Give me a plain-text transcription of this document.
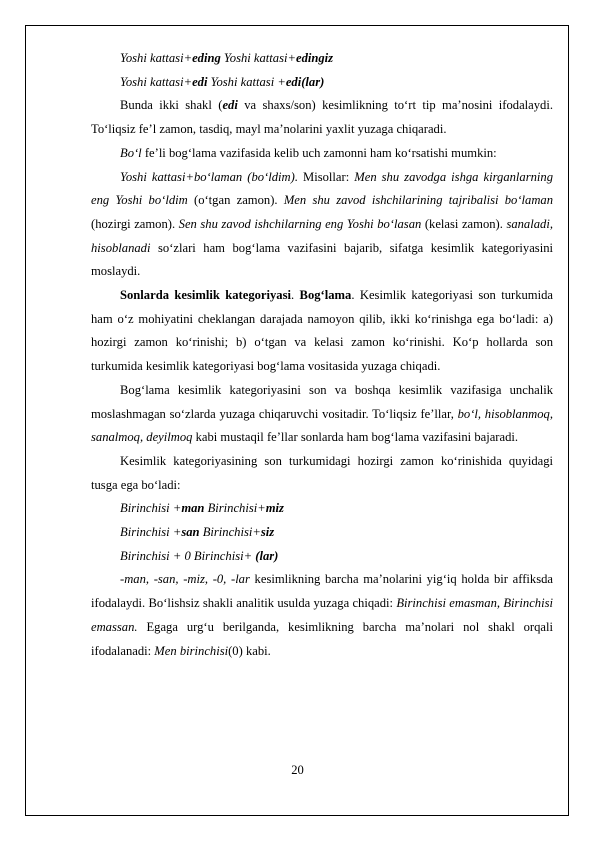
Yoshi kattasi+eding Yoshi kattasi+edingiz

Yoshi kattasi+edi Yoshi kattasi +edi(lar)

Bunda ikki shakl (edi va shaxs/son) kesimlikning to‘rt tip ma’nosini ifodalaydi. To‘liqsiz fe’l zamon, tasdiq, mayl ma’nolarini yaxlit yuzaga chiqaradi.

Bo‘l fe’li bog‘lama vazifasida kelib uch zamonni ham ko‘rsatishi mumkin:

Yoshi kattasi+bo‘laman (bo‘ldim). Misollar: Men shu zavodga ishga kirganlarning eng Yoshi bo‘ldim (o‘tgan zamon). Men shu zavod ishchilarining tajribalisi bo‘laman (hozirgi zamon). Sen shu zavod ishchilarning eng Yoshi bo‘lasan (kelasi zamon). sanaladi, hisoblanadi so‘zlari ham bog‘lama vazifasini bajarib, sifatga kesimlik kategoriyasini moslaydi.

Sonlarda kesimlik kategoriyasi. Bog‘lama. Kesimlik kategoriyasi son turkumida ham o‘z mohiyatini cheklangan darajada namoyon qilib, ikki ko‘rinishga ega bo‘ladi: a) hozirgi zamon ko‘rinishi; b) o‘tgan va kelasi zamon ko‘rinishi. Ko‘p hollarda son turkumida kesimlik kategoriyasi bog‘lama vositasida yuzaga chiqadi.

Bog‘lama kesimlik kategoriyasini son va boshqa kesimlik vazifasiga unchalik moslashmagan so‘zlarda yuzaga chiqaruvchi vositadir. To‘liqsiz fe’llar, bo‘l, hisoblanmoq, sanalmoq, deyilmoq kabi mustaqil fe’llar sonlarda ham bog‘lama vazifasini bajaradi.

Kesimlik kategoriyasining son turkumidagi hozirgi zamon ko‘rinishida quyidagi tusga ega bo‘ladi:

Birinchisi +man Birinchisi+miz

Birinchisi +san Birinchisi+siz

Birinchisi + 0 Birinchisi+ (lar)

-man, -san, -miz, -0, -lar kesimlikning barcha ma’nolarini yig‘iq holda bir affiksda ifodalaydi. Bo‘lishsiz shakli analitik usulda yuzaga chiqadi: Birinchisi emasman, Birinchisi emassan. Egaga urg‘u berilganda, kesimlikning barcha ma’nolari nol shakl orqali ifodalanadi: Men birinchisi(0) kabi.

20
